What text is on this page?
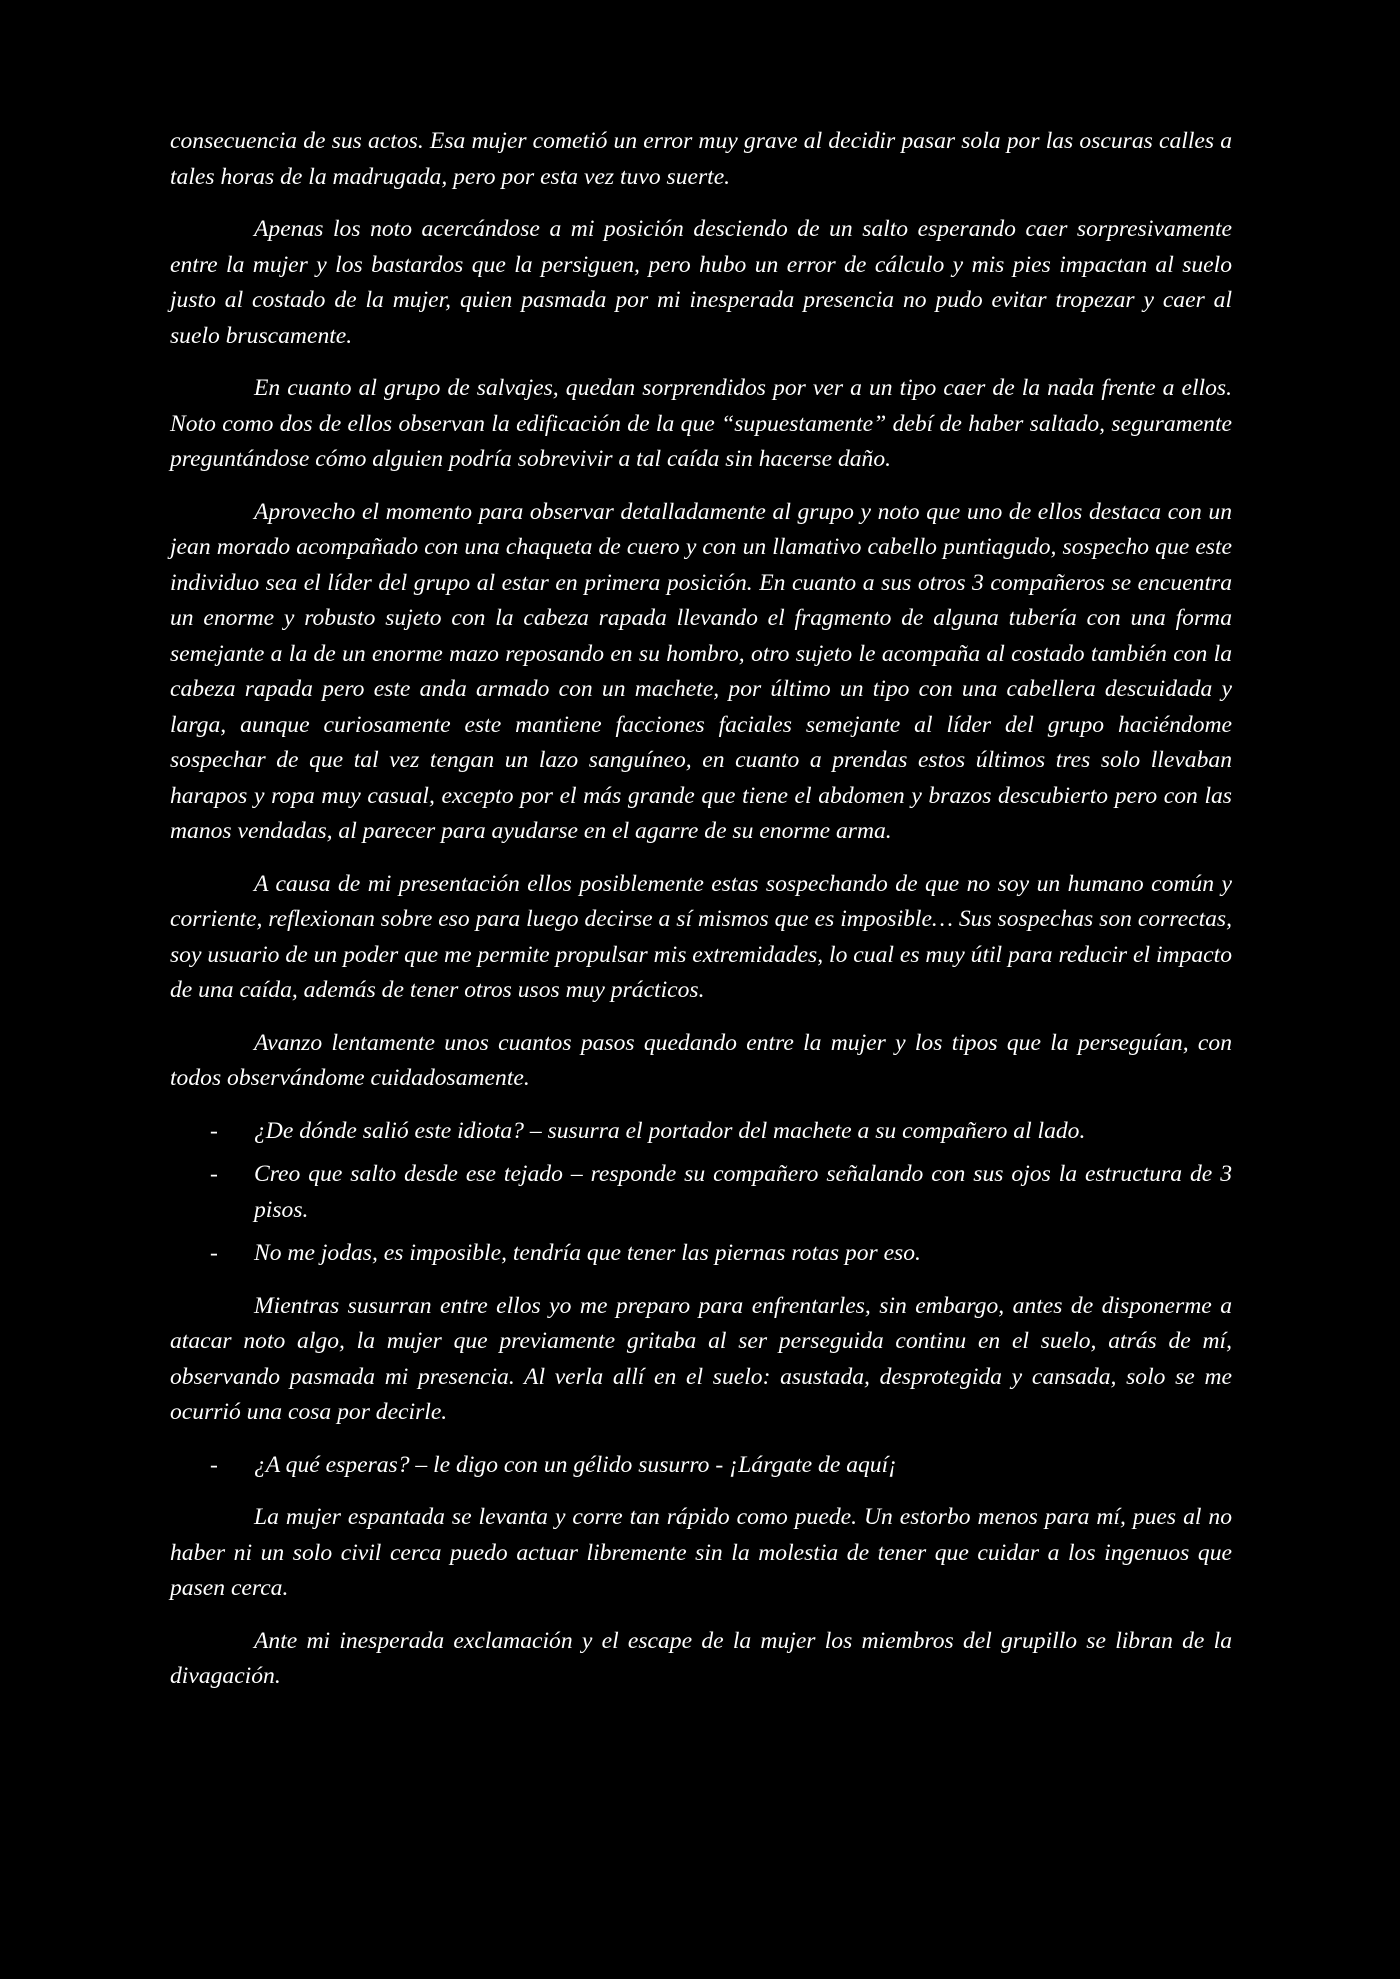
consecuencia de sus actos. Esa mujer cometió un error muy grave al decidir pasar sola por las oscuras calles a tales horas de la madrugada, pero por esta vez tuvo suerte.

Apenas los noto acercándose a mi posición desciendo de un salto esperando caer sorpresivamente entre la mujer y los bastardos que la persiguen, pero hubo un error de cálculo y mis pies impactan al suelo justo al costado de la mujer, quien pasmada por mi inesperada presencia no pudo evitar tropezar y caer al suelo bruscamente.

En cuanto al grupo de salvajes, quedan sorprendidos por ver a un tipo caer de la nada frente a ellos. Noto como dos de ellos observan la edificación de la que “supuestamente” debí de haber saltado, seguramente preguntándose cómo alguien podría sobrevivir a tal caída sin hacerse daño.

Aprovecho el momento para observar detalladamente al grupo y noto que uno de ellos destaca con un jean morado acompañado con una chaqueta de cuero y con un llamativo cabello puntiagudo, sospecho que este individuo sea el líder del grupo al estar en primera posición. En cuanto a sus otros 3 compañeros se encuentra un enorme y robusto sujeto con la cabeza rapada llevando el fragmento de alguna tubería con una forma semejante a la de un enorme mazo reposando en su hombro, otro sujeto le acompaña al costado también con la cabeza rapada pero este anda armado con un machete, por último un tipo con una cabellera descuidada y larga, aunque curiosamente este mantiene facciones faciales semejante al líder del grupo haciéndome sospechar de que tal vez tengan un lazo sanguíneo, en cuanto a prendas estos últimos tres solo llevaban harapos y ropa muy casual, excepto por el más grande que tiene el abdomen y brazos descubierto pero con las manos vendadas, al parecer para ayudarse en el agarre de su enorme arma.

A causa de mi presentación ellos posiblemente estas sospechando de que no soy un humano común y corriente, reflexionan sobre eso para luego decirse a sí mismos que es imposible… Sus sospechas son correctas, soy usuario de un poder que me permite propulsar mis extremidades, lo cual es muy útil para reducir el impacto de una caída, además de tener otros usos muy prácticos.

Avanzo lentamente unos cuantos pasos quedando entre la mujer y los tipos que la perseguían, con todos observándome cuidadosamente.

-	¿De dónde salió este idiota? – susurra el portador del machete a su compañero al lado.
-	Creo que salto desde ese tejado – responde su compañero señalando con sus ojos la estructura de 3 pisos.
-	No me jodas, es imposible, tendría que tener las piernas rotas por eso.

Mientras susurran entre ellos yo me preparo para enfrentarles, sin embargo, antes de disponerme a atacar noto algo, la mujer que previamente gritaba al ser perseguida continu en el suelo, atrás de mí, observando pasmada mi presencia. Al verla allí en el suelo: asustada, desprotegida y cansada, solo se me ocurrió una cosa por decirle.

-	¿A qué esperas? – le digo con un gélido susurro - ¡Lárgate de aquí¡

La mujer espantada se levanta y corre tan rápido como puede. Un estorbo menos para mí, pues al no haber ni un solo civil cerca puedo actuar libremente sin la molestia de tener que cuidar a los ingenuos que pasen cerca.

Ante mi inesperada exclamación y el escape de la mujer los miembros del grupillo se libran de la divagación.
